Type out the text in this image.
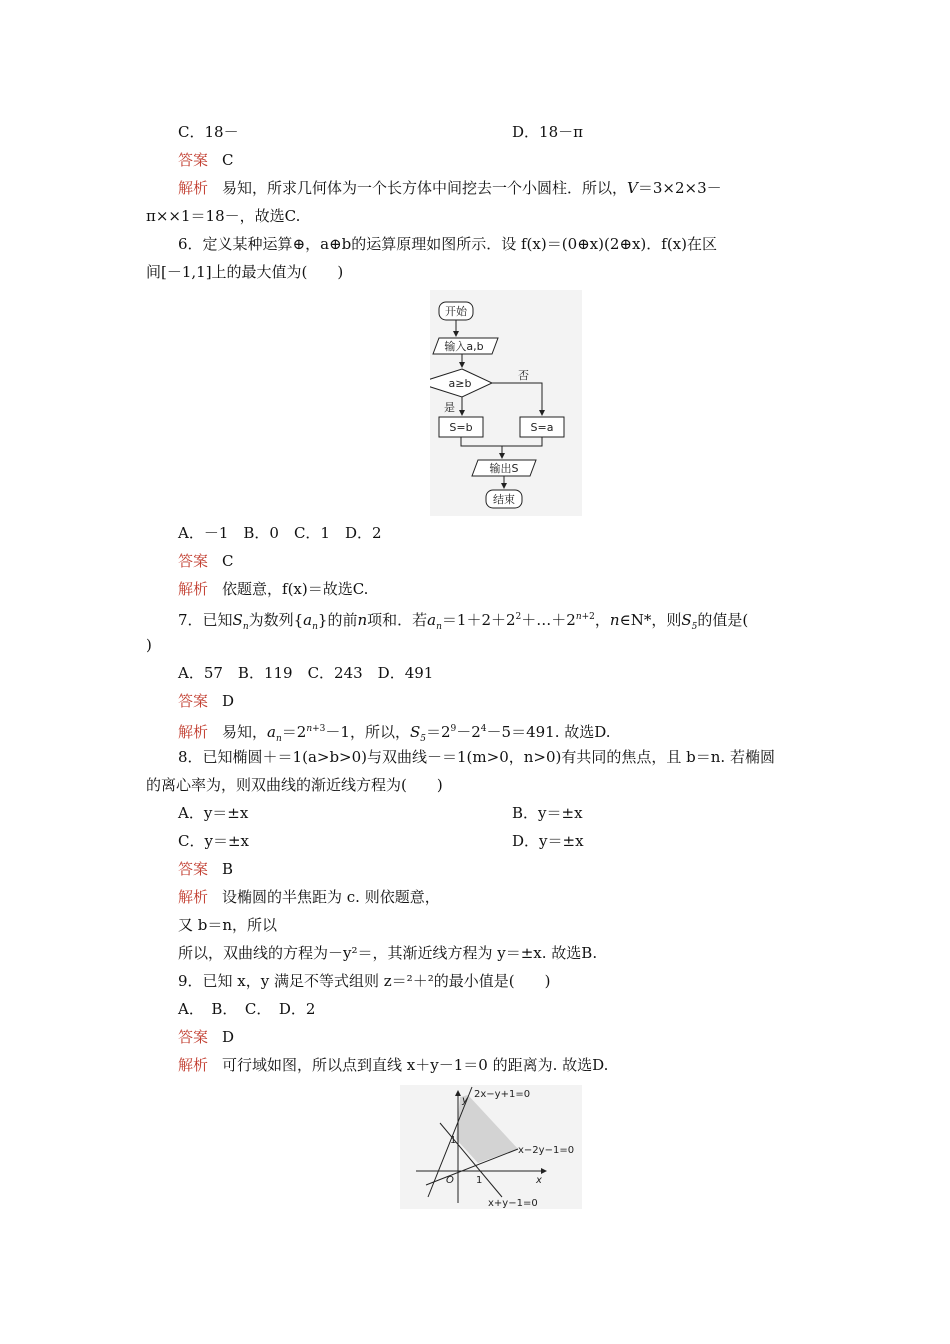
C．18－	D．18－π
答案 C
解析 易知，所求几何体为一个长方体中间挖去一个小圆柱．所以，V＝3×2×3－
π××1＝18－，故选C.
6．定义某种运算⊕，a⊕b的运算原理如图所示．设 f(x)＝(0⊕x)(2⊕x)．f(x)在区
间[－1,1]上的最大值为(　　)
开始
输入a,b
a≥b
否
是
S=b	S=a
输出S
结束
A．－1　B．0　C．1　D．2
答案 C
解析 依题意，f(x)＝故选C.
7．已知$S_n$为数列$\{a_n\}$的前n项和．若$a_n=1+2+2^2+\dots+2^{n+2}$，n∈N*，则$S_5$的值是(
)
A．57　B．119　C．243　D．491
答案 D
解析 易知，$a_n=2^{n+3}-1$，所以，$S_5=2^9-2^4-5=491$. 故选D.
8．已知椭圆＋＝1(a>b>0)与双曲线－＝1(m>0，n>0)有共同的焦点，且 b＝n. 若椭圆
的离心率为，则双曲线的渐近线方程为(　　)
A．y＝±x	B．y＝±x
C．y＝±x	D．y＝±x
答案 B
解析 设椭圆的半焦距为 c. 则依题意，
又 b＝n，所以
所以，双曲线的方程为－y²＝，其渐近线方程为 y＝±x. 故选B.
9．已知 x，y 满足不等式组则 z＝²＋²的最小值是(　　)
A．　B．　C．　D．2
答案 D
解析 可行域如图，所以点到直线 x＋y－1＝0 的距离为. 故选D.
2x−y+1=0
x−2y−1=0
x+y−1=0
x
y
O 1
1
